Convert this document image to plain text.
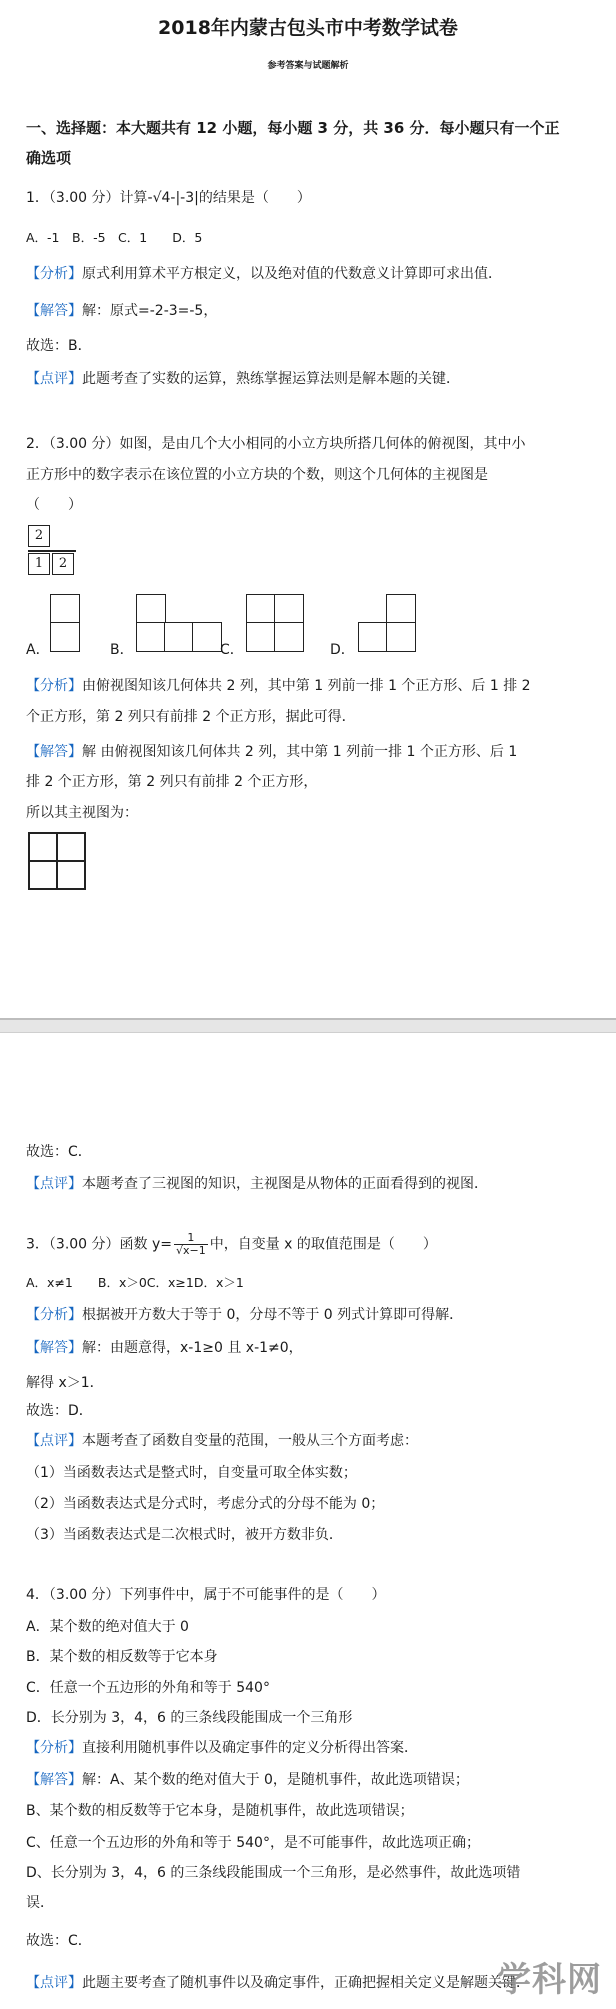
2018年内蒙古包头市中考数学试卷
参考答案与试题解析
一、选择题：本大题共有 12 小题，每小题 3 分，共 36 分．每小题只有一个正
确选项
1．（3.00 分）计算-√4-|-3|的结果是（　　）
A．-1　B．-5　C．1　　D．5
【分析】原式利用算术平方根定义，以及绝对值的代数意义计算即可求出值．
【解答】解：原式=-2-3=-5，
故选：B．
【点评】此题考查了实数的运算，熟练掌握运算法则是解本题的关键．
2．（3.00 分）如图，是由几个大小相同的小立方块所搭几何体的俯视图，其中小
正方形中的数字表示在该位置的小立方块的个数，则这个几何体的主视图是
（　　）
2
1	2
A．	B．	C．	D．
【分析】由俯视图知该几何体共 2 列，其中第 1 列前一排 1 个正方形、后 1 排 2
个正方形，第 2 列只有前排 2 个正方形，据此可得．
【解答】解 由俯视图知该几何体共 2 列，其中第 1 列前一排 1 个正方形、后 1
排 2 个正方形，第 2 列只有前排 2 个正方形，
所以其主视图为：
故选：C．
【点评】本题考查了三视图的知识，主视图是从物体的正面看得到的视图．
3．（3.00 分）函数 $y= \frac{1}{√x-1}$ 中，自变量 x 的取值范围是（　　）
A．x≠1　　B．x＞0C．x≥1D．x＞1
【分析】根据被开方数大于等于 0，分母不等于 0 列式计算即可得解．
【解答】解：由题意得，x-1≥0 且 x-1≠0，
解得 x＞1．
故选：D．
【点评】本题考查了函数自变量的范围，一般从三个方面考虑：
（1）当函数表达式是整式时，自变量可取全体实数；
（2）当函数表达式是分式时，考虑分式的分母不能为 0；
（3）当函数表达式是二次根式时，被开方数非负．
4．（3.00 分）下列事件中，属于不可能事件的是（　　）
A．某个数的绝对值大于 0
B．某个数的相反数等于它本身
C．任意一个五边形的外角和等于 540°
D．长分别为 3，4，6 的三条线段能围成一个三角形
【分析】直接利用随机事件以及确定事件的定义分析得出答案．
【解答】解：A、某个数的绝对值大于 0，是随机事件，故此选项错误；
B、某个数的相反数等于它本身，是随机事件，故此选项错误；
C、任意一个五边形的外角和等于 540°，是不可能事件，故此选项正确；
D、长分别为 3，4，6 的三条线段能围成一个三角形，是必然事件，故此选项错
误．
故选：C．
【点评】此题主要考查了随机事件以及确定事件，正确把握相关定义是解题关键．
学科网
